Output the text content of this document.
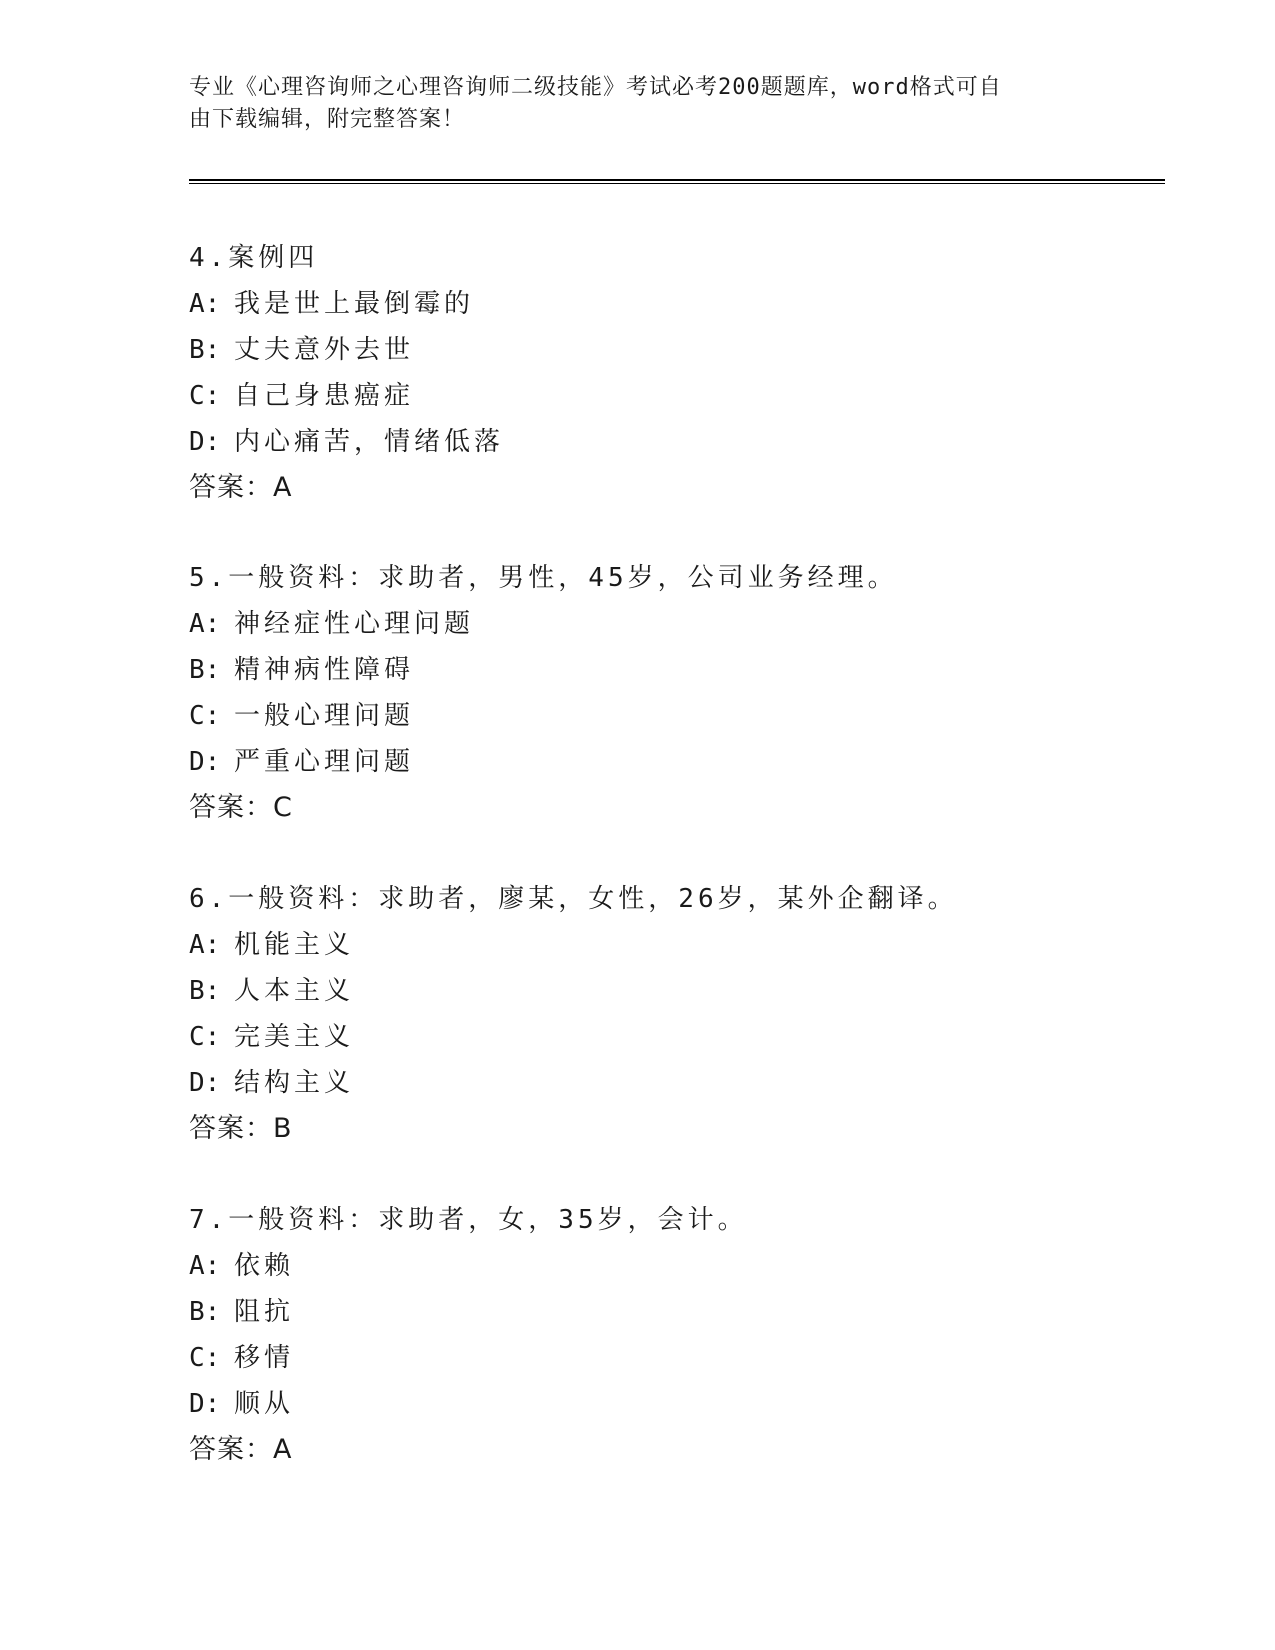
专业《心理咨询师之心理咨询师二级技能》考试必考200题题库，word格式可自
由下载编辑，附完整答案！
4.案例四
A: 我是世上最倒霉的
B: 丈夫意外去世
C: 自己身患癌症
D: 内心痛苦，情绪低落
答案：A
5.一般资料：求助者，男性，45岁，公司业务经理。
A: 神经症性心理问题
B: 精神病性障碍
C: 一般心理问题
D: 严重心理问题
答案：C
6.一般资料：求助者，廖某，女性，26岁，某外企翻译。
A: 机能主义
B: 人本主义
C: 完美主义
D: 结构主义
答案：B
7.一般资料：求助者，女，35岁，会计。
A: 依赖
B: 阻抗
C: 移情
D: 顺从
答案：A
